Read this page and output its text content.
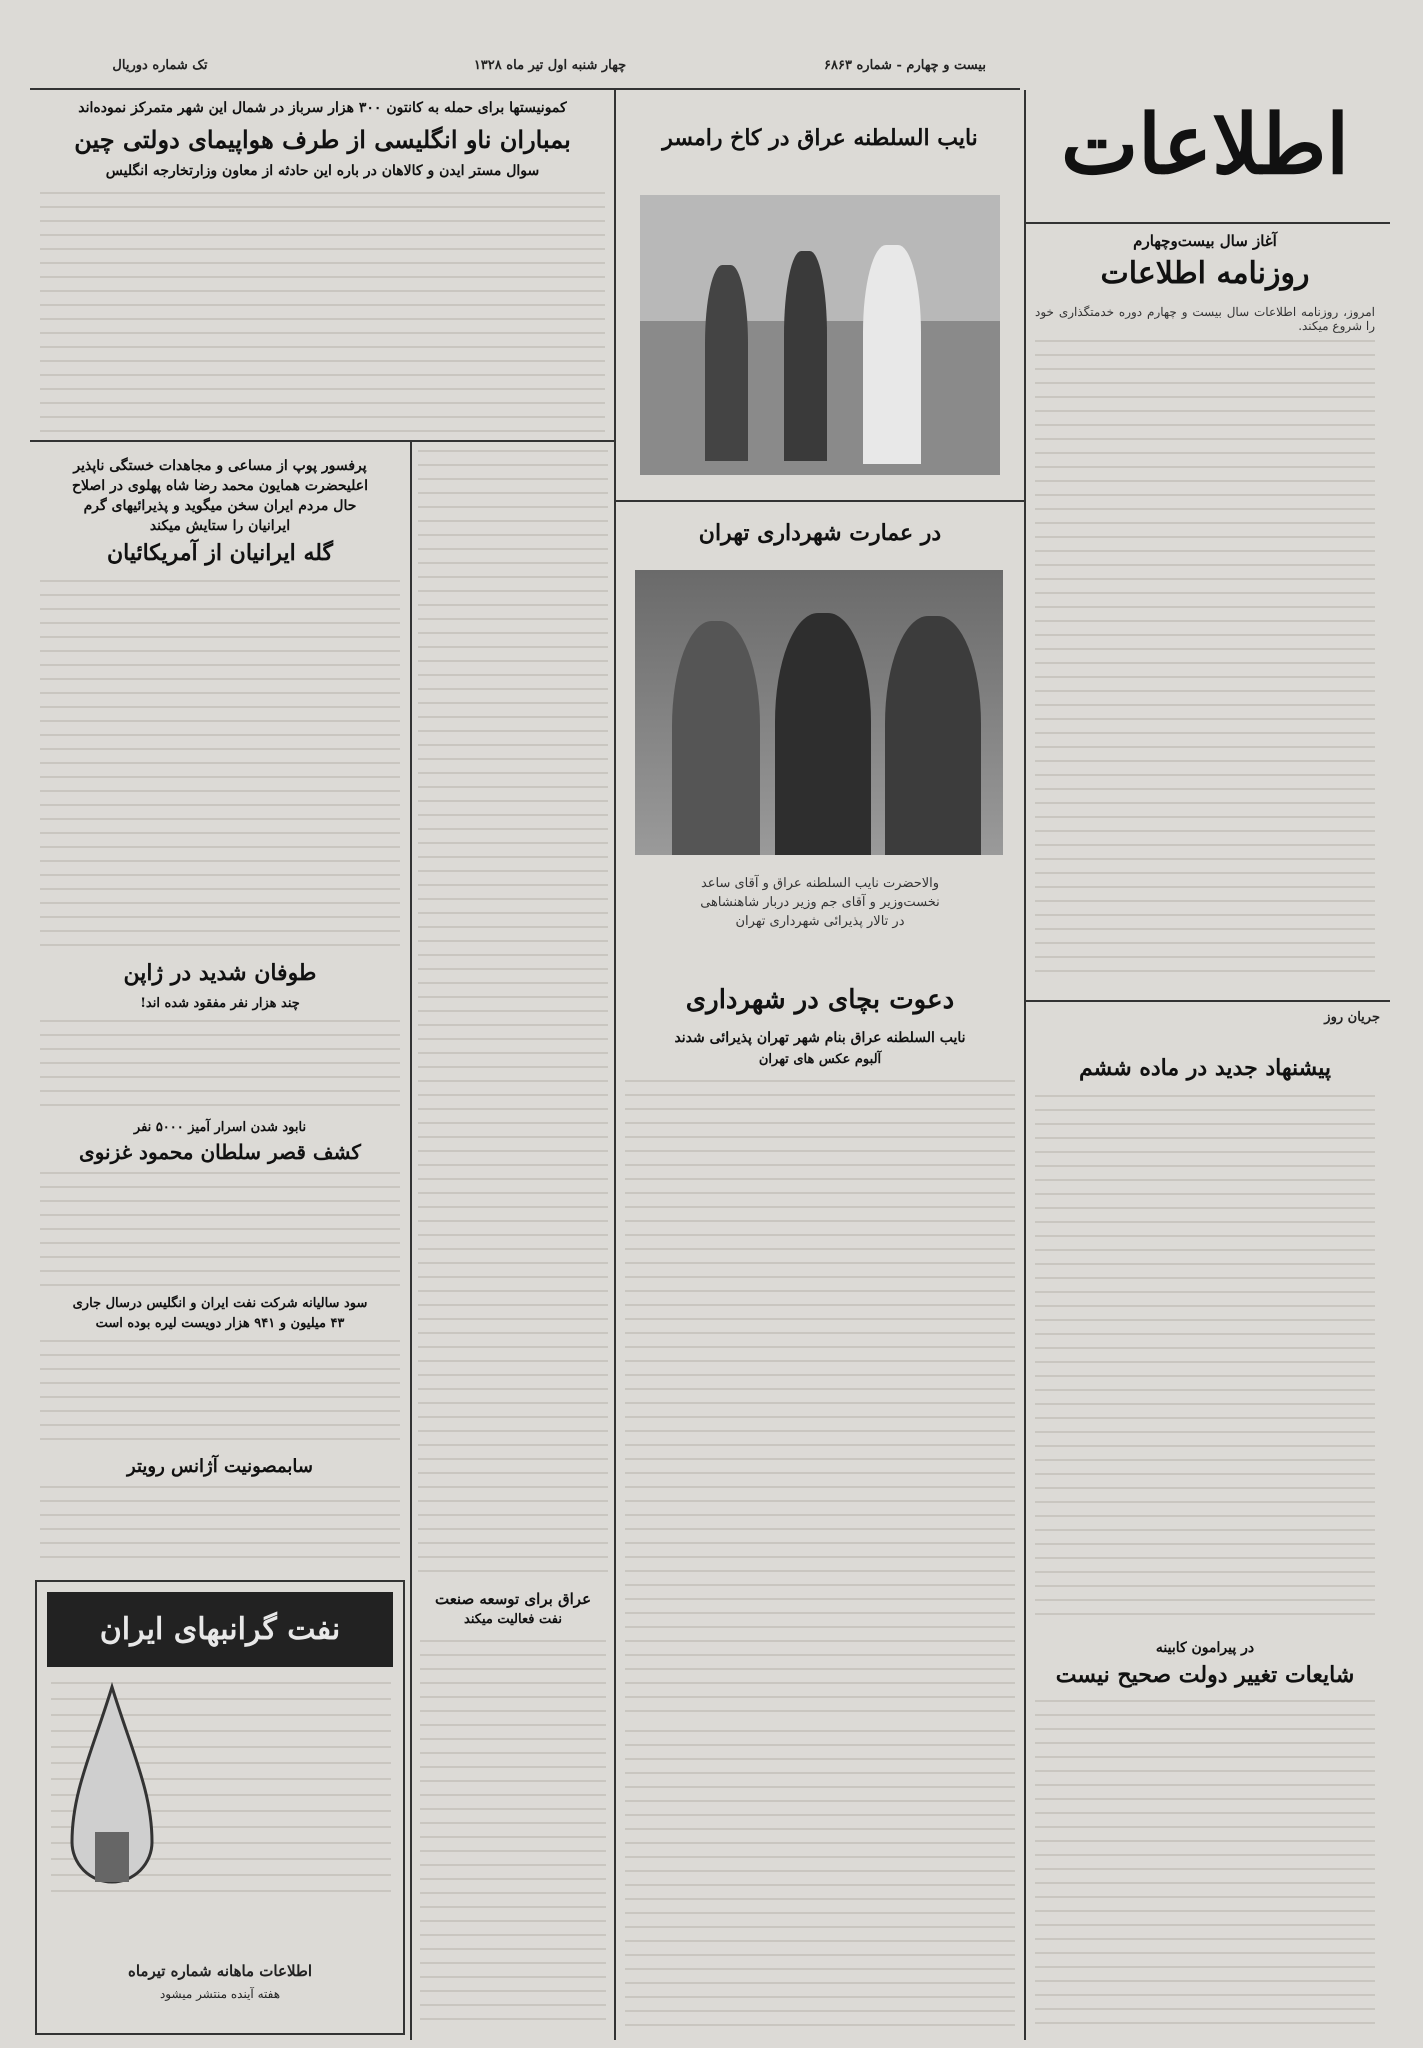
تک شماره دوریال	چهار شنبه اول تیر ماه ۱۳۲۸	بیست و چهارم - شماره ۶۸۶۳
اطلاعات
آغاز سال بیست‌وچهارم
روزنامه اطلاعات
امروز، روزنامه اطلاعات سال بیست و چهارم دوره خدمتگذاری خود را شروع میکند.
جریان روز
پیشنهاد جدید در ماده ششم
در پیرامون کابینه
شایعات تغییر دولت صحیح نیست
نایب السلطنه عراق در کاخ رامسر
در عمارت شهرداری تهران
والاحضرت نایب السلطنه عراق و آقای ساعد
نخست‌وزیر و آقای جم وزیر دربار شاهنشاهی
در تالار پذیرائی شهرداری تهران
دعوت بچای در شهرداری
نایب السلطنه عراق بنام شهر تهران پذیرائی شدند
آلبوم عکس های تهران
کمونیستها برای حمله به کانتون ۳۰۰ هزار سرباز در شمال این شهر متمرکز نموده‌اند
بمباران ناو انگلیسی از طرف هواپیمای دولتی چین
سوال مستر ایدن و کالاهان در باره این حادثه از معاون وزارتخارجه انگلیس
عراق برای توسعه صنعت
نفت فعالیت میکند
پرفسور پوپ از مساعی و مجاهدات خستگی ناپذیر
اعلیحضرت همایون محمد رضا شاه پهلوی در اصلاح
حال مردم ایران سخن میگوید و پذیرائیهای گرم
ایرانیان را ستایش میکند
گله ایرانیان از آمریکائیان
طوفان شدید در ژاپن
چند هزار نفر مفقود شده اند!
نابود شدن اسرار آمیز ۵۰۰۰ نفر
کشف قصر سلطان محمود غزنوی
سود سالیانه شرکت نفت ایران و انگلیس درسال جاری
۴۳ میلیون و ۹۴۱ هزار دویست لیره بوده است
سابمصونیت آژانس رویتر
نفت گرانبهای ایران
اطلاعات ماهانه شماره تیرماه
هفته آینده منتشر میشود
